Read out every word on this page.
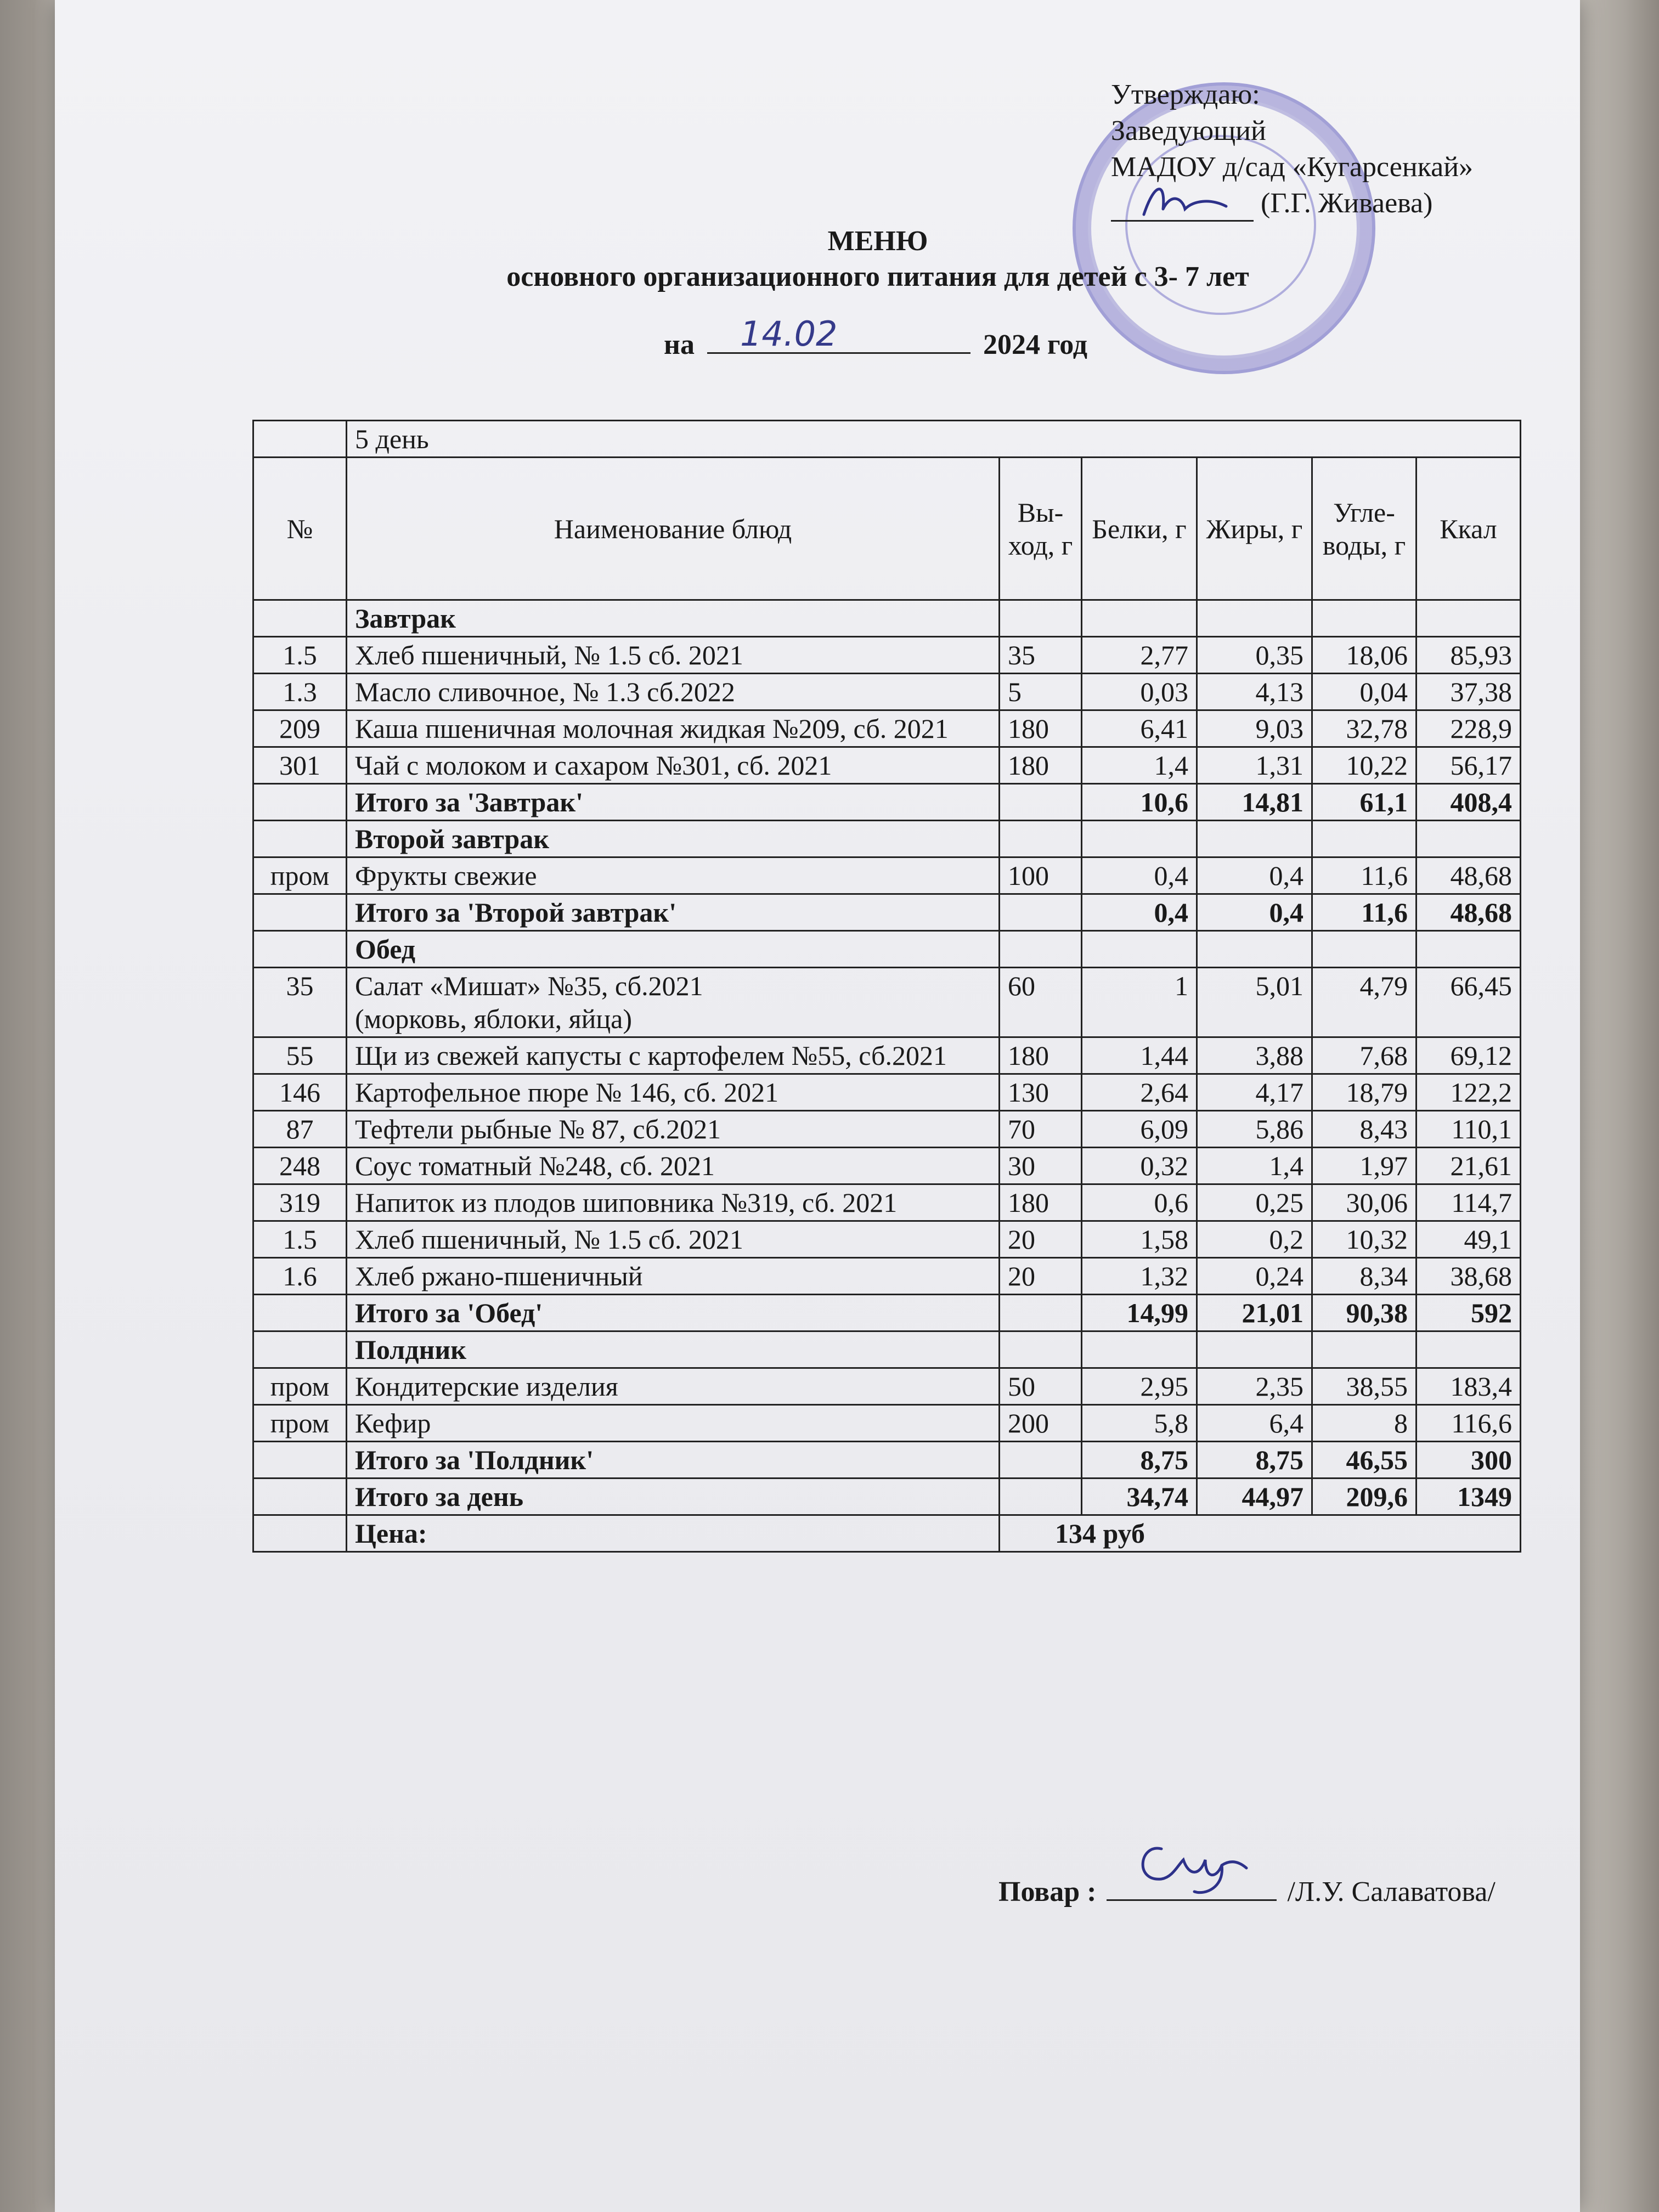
Утверждаю:
Заведующий
МАДОУ д/сад «Кугарсенкай»
(Г.Г. Живаева)
МЕНЮ
основного организационного питания для детей с 3- 7 лет
на 14.02	2024 год
	5 день					
№	Наименование блюд	Вы-ход, г	Белки, г	Жиры, г	Угле-воды, г	Ккал
	Завтрак					
1.5	Хлеб пшеничный, № 1.5 сб. 2021	35	2,77	0,35	18,06	85,93
1.3	Масло сливочное, № 1.3 сб.2022	5	0,03	4,13	0,04	37,38
209	Каша пшеничная молочная жидкая №209, сб. 2021	180	6,41	9,03	32,78	228,9
301	Чай с молоком и сахаром №301, сб. 2021	180	1,4	1,31	10,22	56,17
	Итого за 'Завтрак'		10,6	14,81	61,1	408,4
	Второй завтрак					
пром	Фрукты свежие	100	0,4	0,4	11,6	48,68
	Итого за 'Второй завтрак'		0,4	0,4	11,6	48,68
	Обед					
35	Салат «Мишат» №35, сб.2021
(морковь, яблоки, яйца)	60	1	5,01	4,79	66,45
55	Щи из свежей капусты с картофелем №55, сб.2021	180	1,44	3,88	7,68	69,12
146	Картофельное пюре № 146, сб. 2021	130	2,64	4,17	18,79	122,2
87	Тефтели рыбные № 87, сб.2021	70	6,09	5,86	8,43	110,1
248	Соус томатный №248, сб. 2021	30	0,32	1,4	1,97	21,61
319	Напиток из плодов шиповника №319, сб. 2021	180	0,6	0,25	30,06	114,7
1.5	Хлеб пшеничный, № 1.5 сб. 2021	20	1,58	0,2	10,32	49,1
1.6	Хлеб ржано-пшеничный	20	1,32	0,24	8,34	38,68
	Итого за 'Обед'		14,99	21,01	90,38	592
	Полдник					
пром	Кондитерские изделия	50	2,95	2,35	38,55	183,4
пром	Кефир	200	5,8	6,4	8	116,6
	Итого за 'Полдник'		8,75	8,75	46,55	300
	Итого за день		34,74	44,97	209,6	1349
	Цена:	134 руб				
Повар :	/Л.У. Салаватова/
